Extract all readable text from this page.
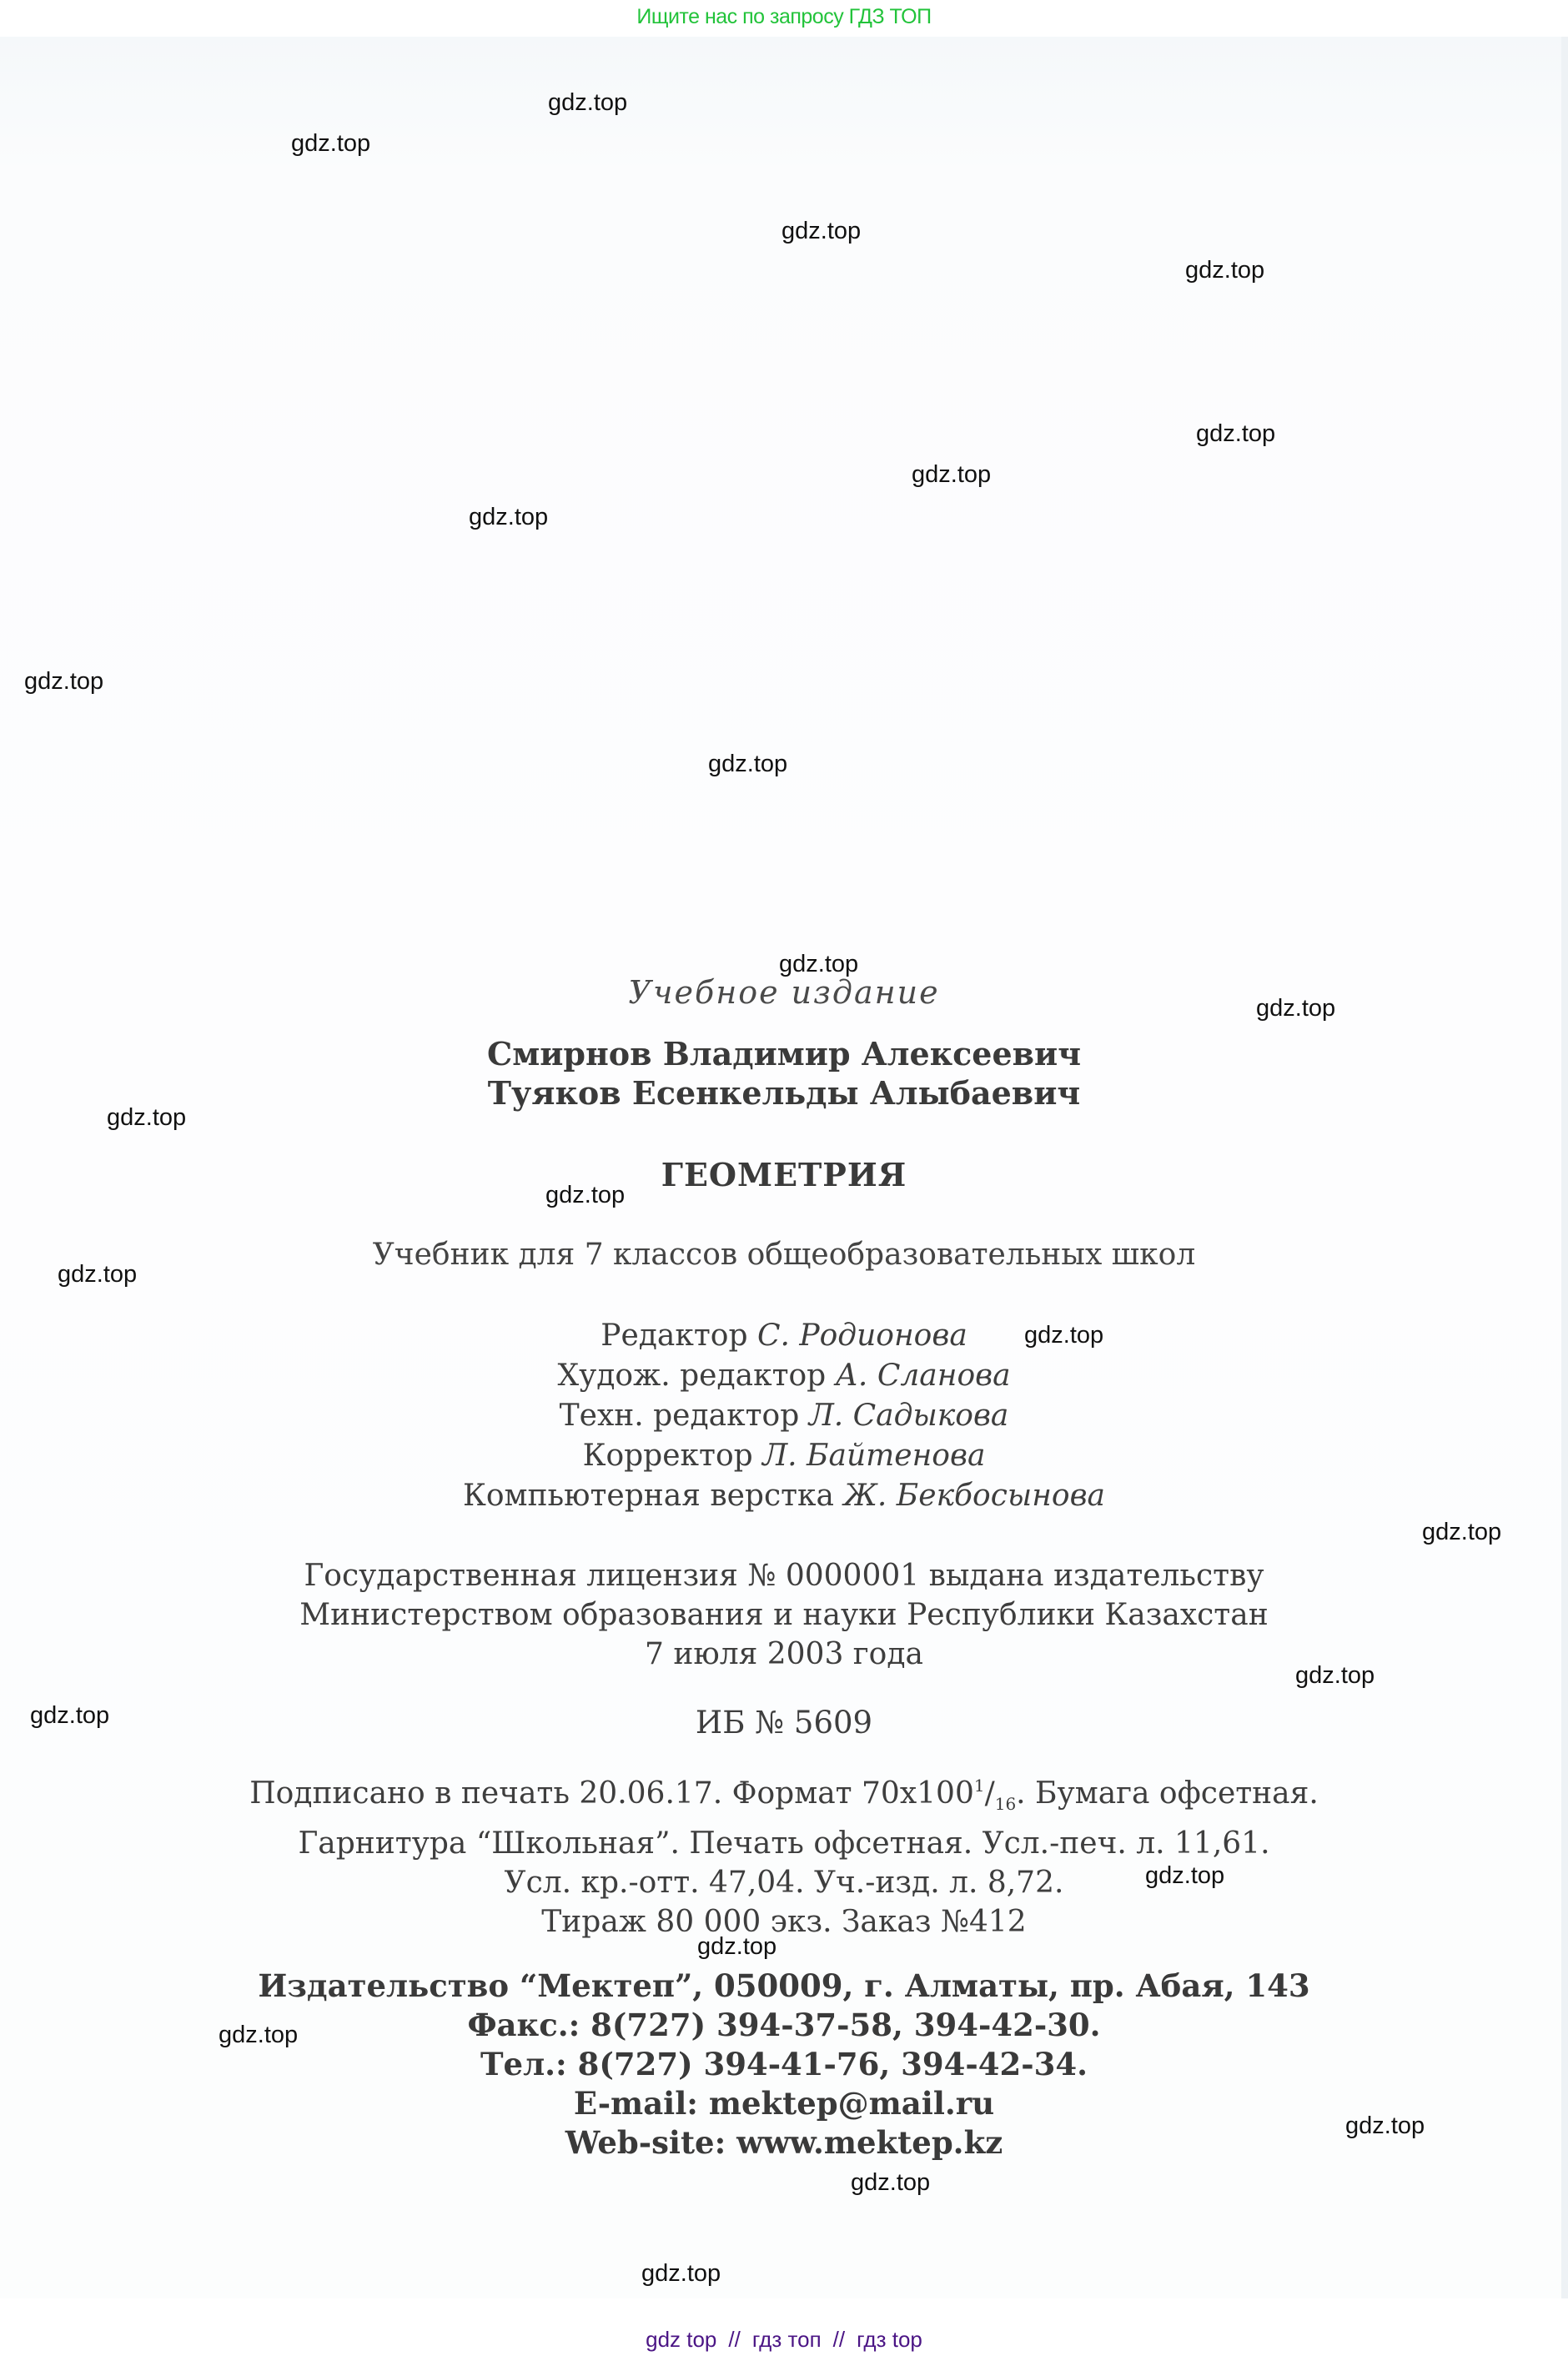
Ищите нас по запросу ГДЗ ТОП
Учебное издание
Смирнов Владимир Алексеевич
Туяков Есенкельды Алыбаевич
ГЕОМЕТРИЯ
Учебник для 7 классов общеобразовательных школ
Редактор С. Родионова
Худож. редактор А. Сланова
Техн. редактор Л. Садыкова
Корректор Л. Байтенова
Компьютерная верстка Ж. Бекбосынова
Государственная лицензия № 0000001 выдана издательству
Министерством образования и науки Республики Казахстан
7 июля 2003 года
ИБ № 5609
Подписано в печать 20.06.17. Формат $70х100^1/_{16}$. Бумага офсетная.
Гарнитура “Школьная”. Печать офсетная. Усл.-печ. л. 11,61.
Усл. кр.-отт. 47,04. Уч.-изд. л. 8,72.
Тираж 80 000 экз. Заказ №412
Издательство “Мектеп”, 050009, г. Алматы, пр. Абая, 143
Факс.: 8(727) 394-37-58, 394-42-30.
Тел.: 8(727) 394-41-76, 394-42-34.
E-mail: mektep@mail.ru
Web-site: www.mektep.kz
gdz.top
gdz.top
gdz.top
gdz.top
gdz.top
gdz.top
gdz.top
gdz.top
gdz.top
gdz.top
gdz.top
gdz.top
gdz.top
gdz.top
gdz.top
gdz.top
gdz.top
gdz.top
gdz.top
gdz.top
gdz.top
gdz.top
gdz.top
gdz.top
gdz top // гдз топ // гдз top
